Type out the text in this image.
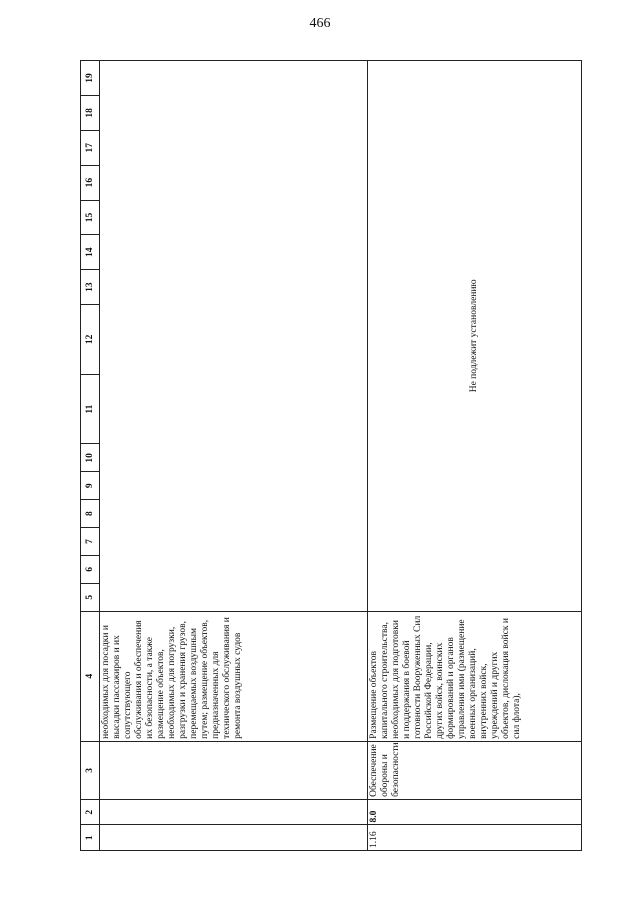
466
1	2	3	4	5	6	7	8	9	10	11	12	13	14	15	16	17	18	19
			необходимых для посадки и высадки пассажиров и их сопутствующего обслуживания и обеспечения их безопасности, а также размещение объектов, необходимых для погрузки, разгрузки и хранения грузов, перемещаемых воздушным путем; размещение объектов, предназначенных для технического обслуживания и ремонта воздушных судов															
1.16	8.0	Обеспечение обороны и безопасности	Размещение объектов капитального строительства, необходимых для подготовки и поддержания в боевой готовности Вооруженных Сил Российской Федерации, других войск, воинских формирований и органов управления ими (размещение военных организаций, внутренних войск, учреждений и других объектов, дислокация войск и сил флота),	Не подлежит установлению														
